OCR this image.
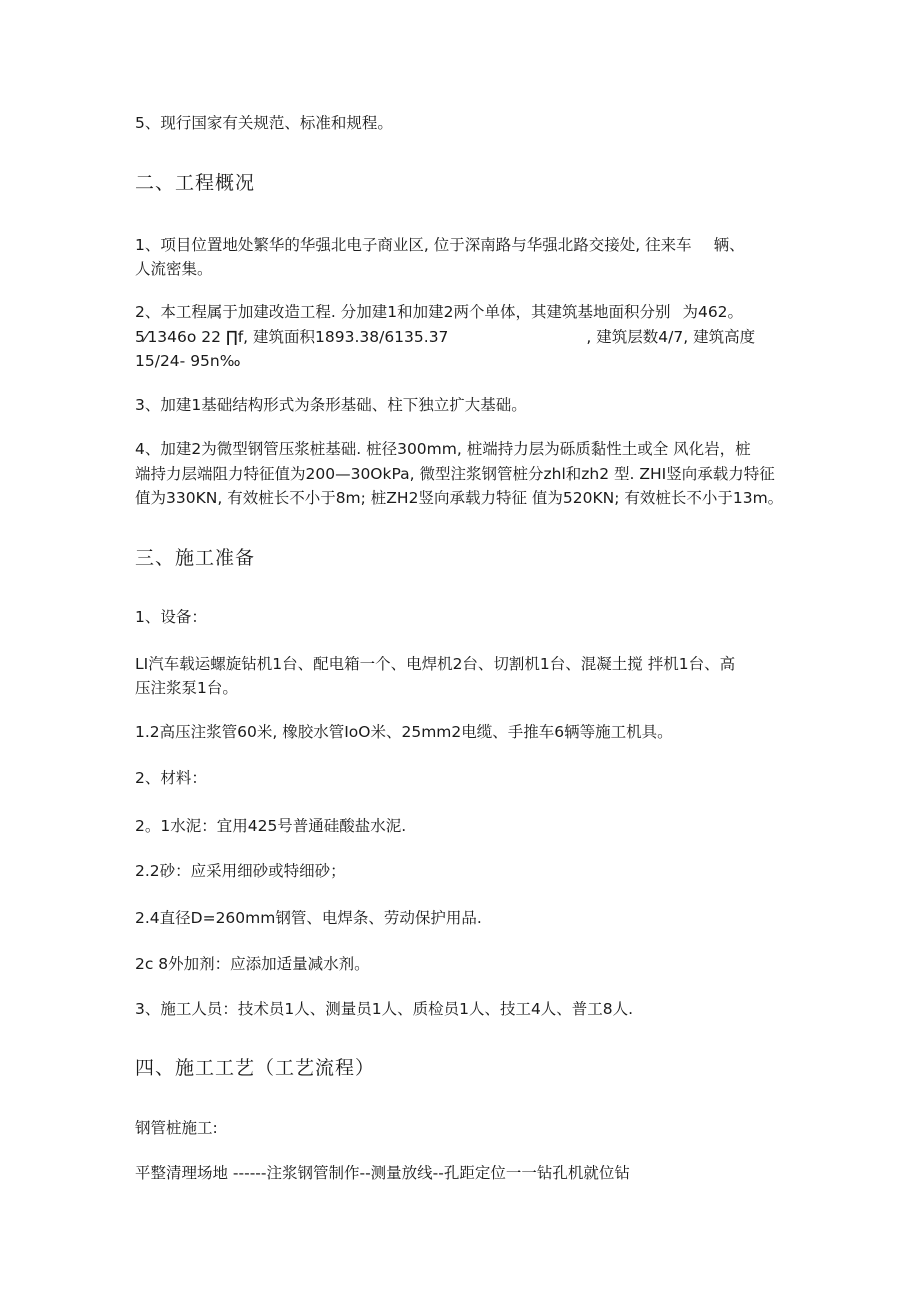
5、现行国家有关规范、标准和规程。

二、工程概况

1、项目位置地处繁华的华强北电子商业区, 位于深南路与华强北路交接处, 往来车 辆、

人流密集。

2、本工程属于加建改造工程. 分加建1和加建2两个单体，其建筑基地面积分别 为462。

5⁄1346o 22 ∏f, 建筑面积1893.38/6135.37	, 建筑层数4/7, 建筑高度

15/24- 95n‰

3、加建1基础结构形式为条形基础、柱下独立扩大基础。

4、加建2为微型钢管压浆桩基础. 桩径300mm, 桩端持力层为砾质黏性土或全 风化岩，桩

端持力层端阻力特征值为200—30OkPa, 微型注浆钢管桩分zhl和zh2 型. ZHI竖向承载力特征

值为330KN, 有效桩长不小于8m; 桩ZH2竖向承载力特征 值为520KN; 有效桩长不小于13m。

三、施工准备

1、设备：

LI汽车载运螺旋钻机1台、配电箱一个、电焊机2台、切割机1台、混凝土搅 拌机1台、高

压注浆泵1台。

1.2高压注浆管60米, 橡胶水管IoO米、25mm2电缆、手推车6辆等施工机具。

2、材料：

2。1水泥：宜用425号普通硅酸盐水泥.

2.2砂：应采用细砂或特细砂；

2.4直径D=260mm钢管、电焊条、劳动保护用品.

2c 8外加剂：应添加适量减水剂。

3、施工人员：技术员1人、测量员1人、质检员1人、技工4人、普工8人.

四、施工工艺（工艺流程）

钢管桩施工:

平整清理场地 ------注浆钢管制作--测量放线--孔距定位一一钻孔机就位钻
